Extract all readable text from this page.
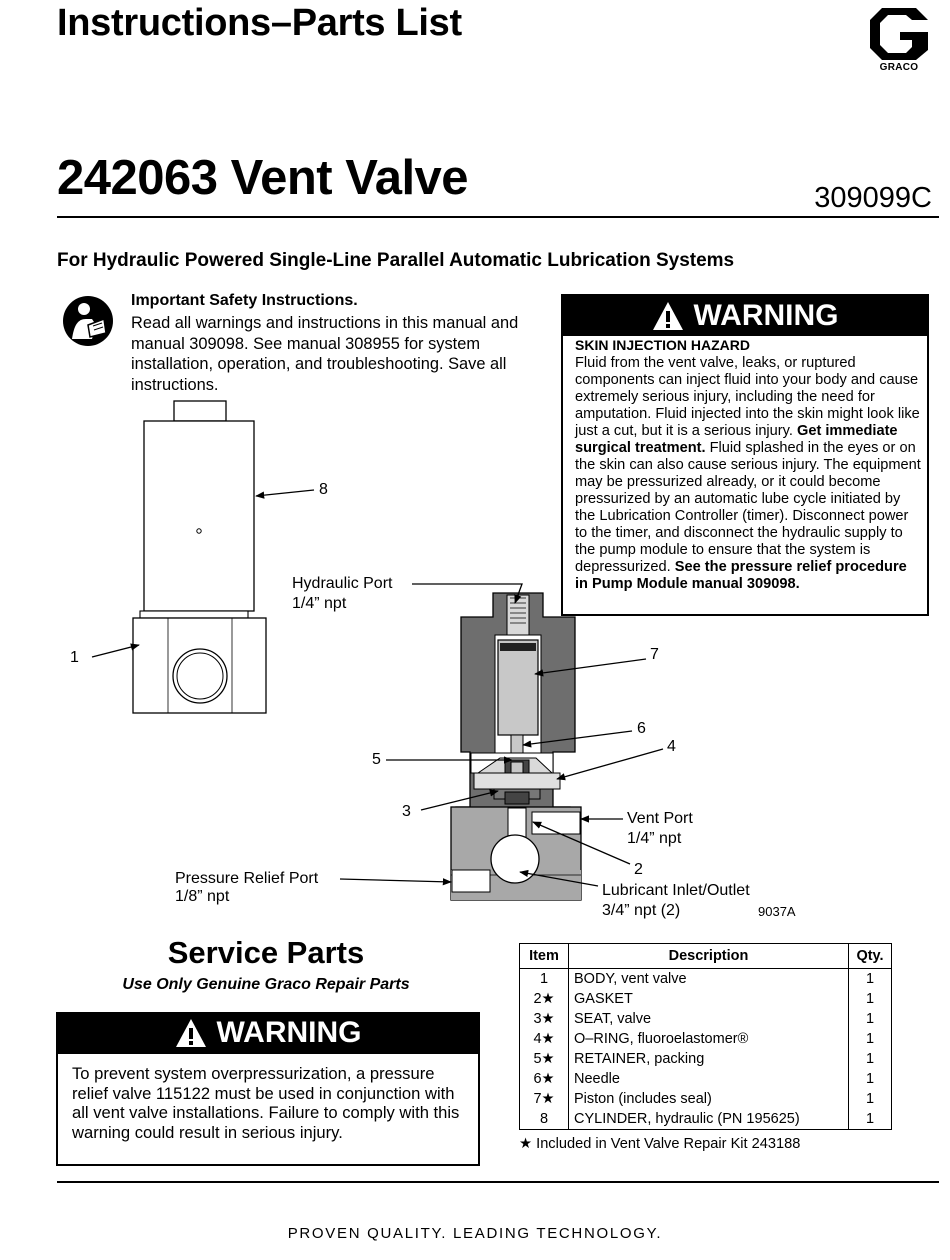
Instructions–Parts List
GRACO
242063 Vent Valve	309099C
For Hydraulic Powered Single-Line Parallel Automatic Lubrication Systems
Important Safety Instructions.
Read all warnings and instructions in this manual and manual 309098. See manual 308955 for system installation, operation, and troubleshooting. Save all instructions.
WARNING
SKIN INJECTION HAZARD
Fluid from the vent valve, leaks, or ruptured components can inject fluid into your body and cause extremely serious injury, including the need for amputation. Fluid injected into the skin might look like just a cut, but it is a serious injury. Get immediate surgical treatment. Fluid splashed in the eyes or on the skin can also cause serious injury. The equipment may be pressurized already, or it could become pressurized by an automatic lube cycle initiated by the Lubrication Controller (timer). Disconnect power to the timer, and disconnect the hydraulic supply to the pump module to ensure that the system is depressurized. See the pressure relief procedure in Pump Module manual 309098.
8
1
Hydraulic Port
1/4” npt
7
6
4
5
3	Vent Port
1/4” npt
2
Pressure Relief Port
1/8” npt	Lubricant Inlet/Outlet
3/4” npt (2)	9037A
Service Parts
Use Only Genuine Graco Repair Parts
WARNING
To prevent system overpressurization, a pressure relief valve 115122 must be used in conjunction with all vent valve installations. Failure to comply with this warning could result in serious injury.
Item	Description	Qty.
1	BODY, vent valve	1
2★	GASKET	1
3★	SEAT, valve	1
4★	O–RING, fluoroelastomer®	1
5★	RETAINER, packing	1
6★	Needle	1
7★	Piston (includes seal)	1
8	CYLINDER, hydraulic (PN 195625)	1
★ Included in Vent Valve Repair Kit 243188
PROVEN QUALITY. LEADING TECHNOLOGY.
